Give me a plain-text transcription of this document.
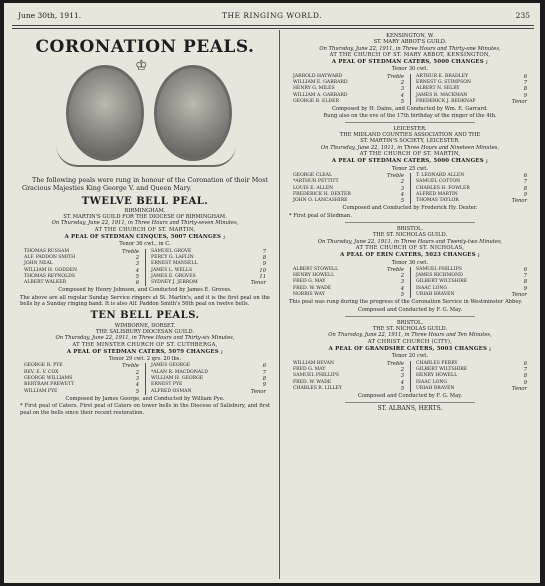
June 30th, 1911.	THE RINGING WORLD.	235
CORONATION PEALS.
♔
The following peals were rung in honour of the Coronation of their Most Gracious Majesties King George V. and Queen Mary.
TWELVE BELL PEAL.
BIRMINGHAM.
ST. MARTIN'S GUILD FOR THE DIOCESE OF BIRMINGHAM.
On Thursday, June 22, 1911, in Three Hours and Thirty-seven Minutes,
AT THE CHURCH OF ST. MARTIN,
A PEAL OF STEDMAN CINQUES, 5007 CHANGES ;
Tenor 36 cwt., in C.
THOMAS RUSSAM	Treble
ALF. PADDON SMITH	2
JOHN NEAL	3
WILLIAM H. GODDEN	4
THOMAS REYNOLDS	5
ALBERT WALKER	6
SAMUEL GROVE	7
PERCY G. LAFLIN	8
ERNEST MANSELL	9
JAMES L. WELLS	10
JAMES E. GROVES	11
SYDNEY J. JERROM	Tenor
Composed by Henry Johnson, and Conducted by James E. Groves.
The above are all regular Sunday Service ringers at St. Martin's, and it is the first peal on the bells by a Sunday ringing band. It is also Alf. Paddon Smith's 50th peal on twelve bells.
TEN BELL PEALS.
WIMBORNE, DORSET.
THE SALISBURY DIOCESAN GUILD.
On Thursday, June 22, 1911, in Three Hours and Thirty-six Minutes,
AT THE MINSTER CHURCH OF ST. CUTHBERGA,
A PEAL OF STEDMAN CATERS, 5079 CHANGES ;
Tenor 29 cwt. 2 qrs. 20 lbs.
GEORGE R. PYE	Treble
REV. E. V. COX	2
GEORGE WILLIAMS	3
BERTRAM PREWETT	4
WILLIAM PYE	5
JAMES GEORGE	6
*ALAN R. MACDONALD	7
WILLIAM H. GEORGE	8
ERNEST PYE	9
ALFRED OSMAN	Tenor
Composed by James George, and Conducted by William Pye.
* First peal of Caters. First peal of Caters on tower bells in the Diocese of Salisbury, and first peal on the bells since their recent restoration.
KENSINGTON, W.
ST. MARY ABBOT'S GUILD.
On Thursday, June 22, 1911, in Three Hours and Thirty-one Minutes,
AT THE CHURCH OF ST. MARY ABBOT, KENSINGTON,
A PEAL OF STEDMAN CATERS, 5000 CHANGES ;
Tenor 30 cwt.
JARROLD HAYWARD	Treble
WILLIAM E. GARRARD	2
HENRY G. MILES	3
WILLIAM A. GARRARD	4
GEORGE B. ELDER	5
ARTHUR E. BRADLEY	6
ERNEST G. STIMPSON	7
ALBERT N. SELBY	8
JAMES R. MACKMAN	9
FREDERICK J. REDKNAP	Tenor
Composed by H. Dains, and Conducted by Wm. E. Garrard.
Rung also on the eve of the 17th birthday of the ringer of the 4th.
LEICESTER.
THE MIDLAND COUNTIES ASSOCIATION AND THE
ST. MARTIN'S SOCIETY, LEICESTER.
On Thursday, June 22, 1911, in Three Hours and Nineteen Minutes,
AT THE CHURCH OF ST. MARTIN,
A PEAL OF STEDMAN CATERS, 5000 CHANGES ;
Tenor 25 cwt.
GEORGE CLEAL	Treble
*ARTHUR PETTITT	2
LOUIS E. ALLEN	3
FREDERICK H. DEXTER	4
JOHN O. LANCASHIRE	5
T. LEONARD ALLEN	6
SAMUEL COTTON	7
CHARLES H. FOWLER	8
ALFRED MARTIN	9
THOMAS TAYLOR	Tenor
Composed and Conducted by Frederick Hy. Dexter.
* First peal of Stedman.
BRISTOL.
THE ST. NICHOLAS GUILD.
On Thursday, June 22, 1911, in Three Hours and Twenty-two Minutes,
AT THE CHURCH OF ST. NICHOLAS,
A PEAL OF ERIN CATERS, 5023 CHANGES ;
Tenor 36 cwt.
ALBERT STOWELL	Treble
HENRY HOWELL	2
FRED G. MAY	3
FRED. W. WADE	4
NORRIS WAY	5
SAMUEL PHILLIPS	6
JAMES RICHMOND	7
GILBERT WILTSHIRE	8
ISAAC LONG	9
URIAH BRAVEN	Tenor
This peal was rung during the progress of the Coronation Service in Westminster Abbey.
Composed and Conducted by F. G. May.
BRISTOL.
THE ST. NICHOLAS GUILD.
On Thursday, June 22, 1911, in Three Hours and Ten Minutes,
AT CHRIST CHURCH (CITY),
A PEAL OF GRANDSIRE CATERS, 5003 CHANGES ;
Tenor 20 cwt.
WILLIAM BEVAN	Treble
FRED G. MAY	2
SAMUEL PHILLIPS	3
FRED. W. WADE	4
CHARLES R. LILLEY	5
CHARLES PERRY	6
GILBERT WILTSHIRE	7
HENRY HOWELL	8
ISAAC LONG	9
URIAH BRAVEN	Tenor
Composed and Conducted by F. G. May.
ST. ALBANS, HERTS.
